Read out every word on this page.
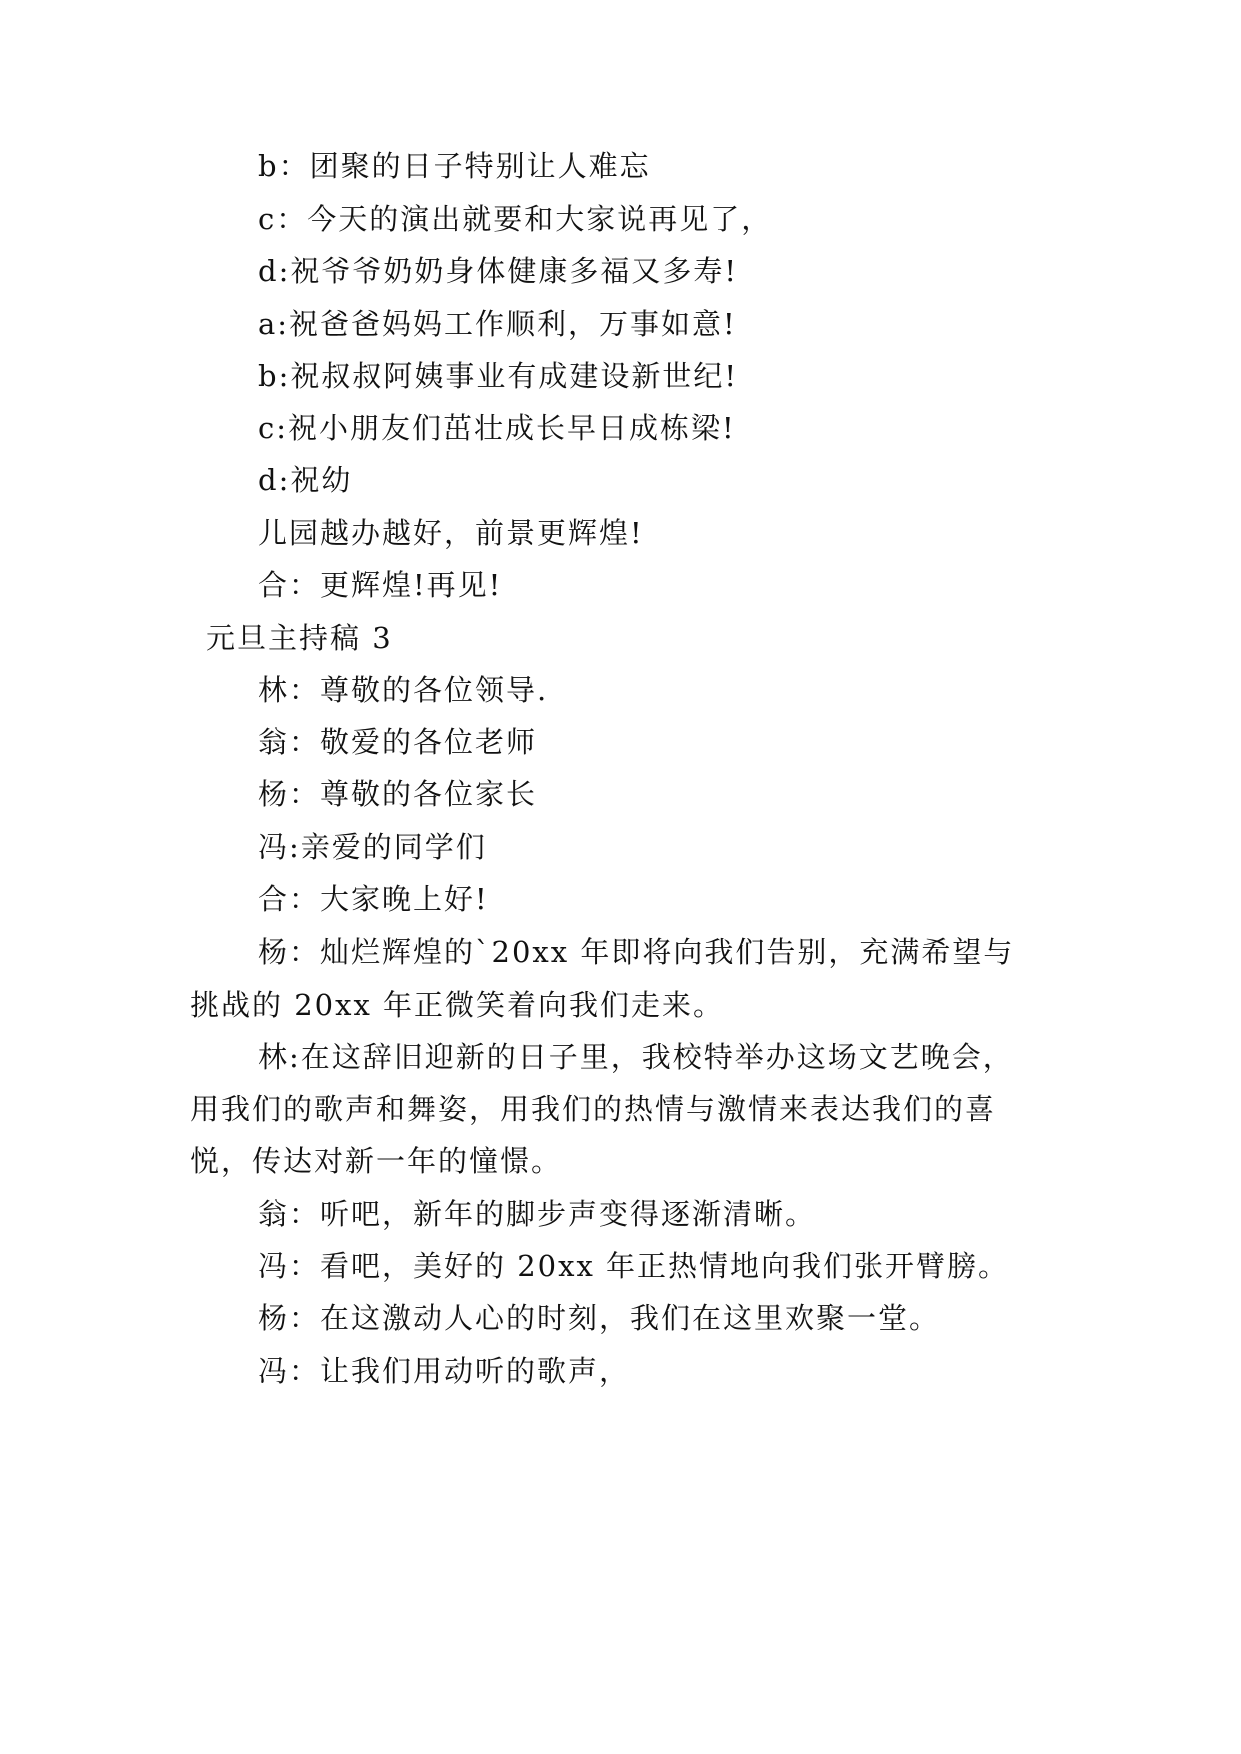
b：团聚的日子特别让人难忘
c：今天的演出就要和大家说再见了，
d:祝爷爷奶奶身体健康多福又多寿!
a:祝爸爸妈妈工作顺利，万事如意!
b:祝叔叔阿姨事业有成建设新世纪!
c:祝小朋友们茁壮成长早日成栋梁!
d:祝幼
儿园越办越好，前景更辉煌!
合：更辉煌!再见!
元旦主持稿 3
林：尊敬的各位领导.
翁：敬爱的各位老师
杨：尊敬的各位家长
冯:亲爱的同学们
合：大家晚上好!
杨：灿烂辉煌的`20xx 年即将向我们告别，充满希望与
挑战的 20xx 年正微笑着向我们走来。
林:在这辞旧迎新的日子里，我校特举办这场文艺晚会，
用我们的歌声和舞姿，用我们的热情与激情来表达我们的喜
悦，传达对新一年的憧憬。
翁：听吧，新年的脚步声变得逐渐清晰。
冯：看吧，美好的 20xx 年正热情地向我们张开臂膀。
杨：在这激动人心的时刻，我们在这里欢聚一堂。
冯：让我们用动听的歌声，
